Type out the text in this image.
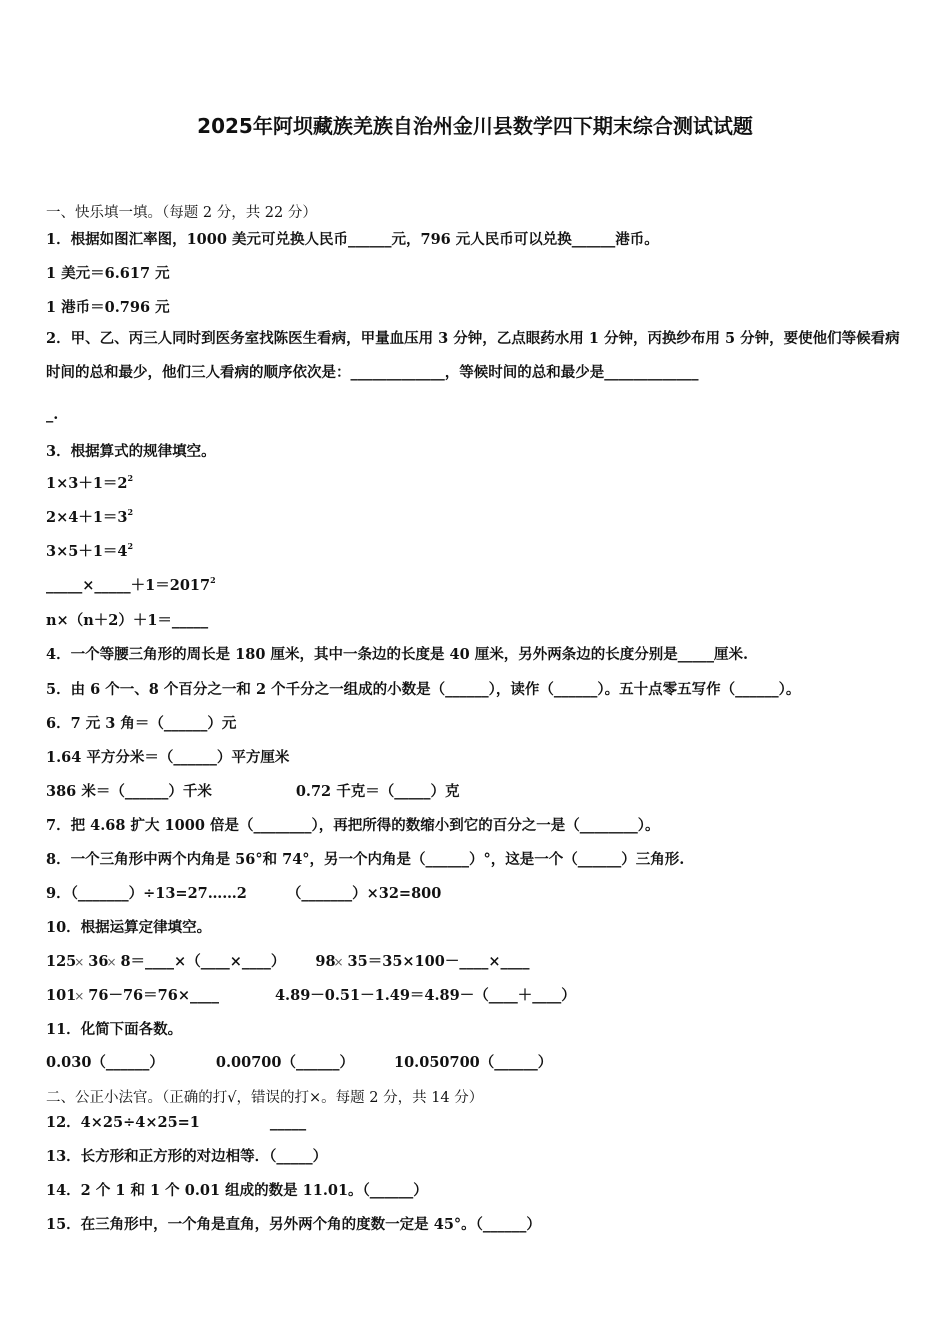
2025年阿坝藏族羌族自治州金川县数学四下期末综合测试试题
一、快乐填一填。（每题 2 分，共 22 分）
1．根据如图汇率图，1000 美元可兑换人民币______元，796 元人民币可以兑换______港币。
1 美元＝6.617 元
1 港币＝0.796 元
2．甲、乙、丙三人同时到医务室找陈医生看病，甲量血压用 3 分钟，乙点眼药水用 1 分钟，丙换纱布用 5 分钟，要使他们等候看病时间的总和最少，他们三人看病的顺序依次是：_____________，等候时间的总和最少是_____________
_.
3．根据算式的规律填空。
$1\times 3+1=2^2$
$2\times 4+1=3^2$
$3\times 5+1=4^2$
$\_\_\_\_\_\times\_\_\_\_\_+1=2017^2$
n×（n＋2）＋1＝_____
4．一个等腰三角形的周长是 180 厘米，其中一条边的长度是 40 厘米，另外两条边的长度分别是_____厘米.
5．由 6 个一、8 个百分之一和 2 个千分之一组成的小数是（______），读作（______）。五十点零五写作（______）。
6．7 元 3 角＝（______）元
1.64 平方分米＝（______）平方厘米
386 米＝（______）千米	0.72 千克＝（_____）克
7．把 4.68 扩大 1000 倍是（________），再把所得的数缩小到它的百分之一是（________）。
8．一个三角形中两个内角是 56°和 74°，另一个内角是（______）°，这是一个（______）三角形.
9．（_______）÷13=27……2	（_______）×32=800
10．根据运算定律填空。
125 36 8＝____×（____×____） 98 35＝35×100－____×____
101 76－76＝76×____	4.89－0.51－1.49＝4.89－（____＋____）
11．化简下面各数。
0.030（______）	0.00700（______）	10.050700（______）
二、公正小法官。（正确的打√，错误的打×。每题 2 分，共 14 分）
12．4×25÷4×25=1	_____
13．长方形和正方形的对边相等．（_____）
14．2 个 1 和 1 个 0.01 组成的数是 11.01。（______）
15．在三角形中，一个角是直角，另外两个角的度数一定是 45°。（______）
